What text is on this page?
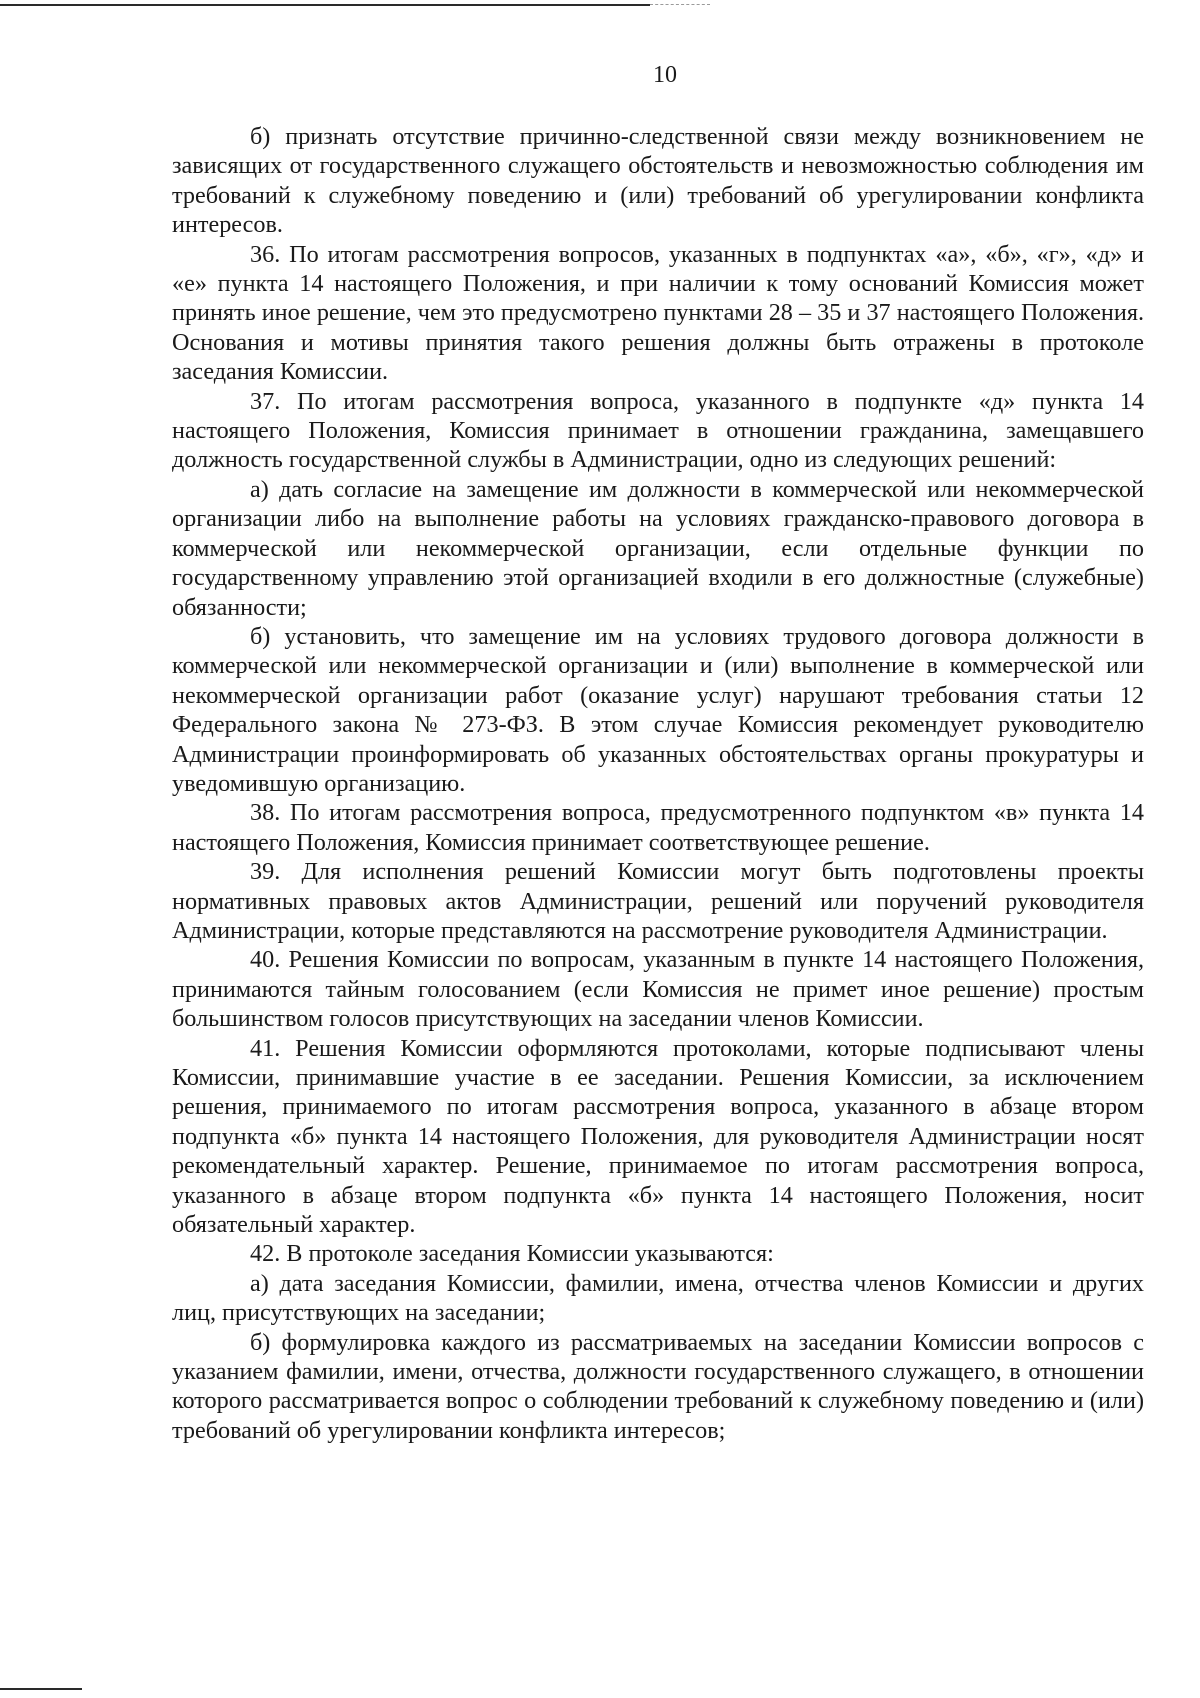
10

б) признать отсутствие причинно-следственной связи между возникновением не зависящих от государственного служащего обстоятельств и невозможностью соблюдения им требований к служебному поведению и (или) требований об урегулировании конфликта интересов.

36. По итогам рассмотрения вопросов, указанных в подпунктах «а», «б», «г», «д» и «е» пункта 14 настоящего Положения, и при наличии к тому оснований Комиссия может принять иное решение, чем это предусмотрено пунктами 28 – 35 и 37 настоящего Положения. Основания и мотивы принятия такого решения должны быть отражены в протоколе заседания Комиссии.

37. По итогам рассмотрения вопроса, указанного в подпункте «д» пункта 14 настоящего Положения, Комиссия принимает в отношении гражданина, замещавшего должность государственной службы в Администрации, одно из следующих решений:

а) дать согласие на замещение им должности в коммерческой или некоммерческой организации либо на выполнение работы на условиях гражданско-правового договора в коммерческой или некоммерческой организации, если отдельные функции по государственному управлению этой организацией входили в его должностные (служебные) обязанности;

б) установить, что замещение им на условиях трудового договора должности в коммерческой или некоммерческой организации и (или) выполнение в коммерческой или некоммерческой организации работ (оказание услуг) нарушают требования статьи 12 Федерального закона № 273-ФЗ. В этом случае Комиссия рекомендует руководителю Администрации проинформировать об указанных обстоятельствах органы прокуратуры и уведомившую организацию.

38. По итогам рассмотрения вопроса, предусмотренного подпунктом «в» пункта 14 настоящего Положения, Комиссия принимает соответствующее решение.

39. Для исполнения решений Комиссии могут быть подготовлены проекты нормативных правовых актов Администрации, решений или поручений руководителя Администрации, которые представляются на рассмотрение руководителя Администрации.

40. Решения Комиссии по вопросам, указанным в пункте 14 настоящего Положения, принимаются тайным голосованием (если Комиссия не примет иное решение) простым большинством голосов присутствующих на заседании членов Комиссии.

41. Решения Комиссии оформляются протоколами, которые подписывают члены Комиссии, принимавшие участие в ее заседании. Решения Комиссии, за исключением решения, принимаемого по итогам рассмотрения вопроса, указанного в абзаце втором подпункта «б» пункта 14 настоящего Положения, для руководителя Администрации носят рекомендательный характер. Решение, принимаемое по итогам рассмотрения вопроса, указанного в абзаце втором подпункта «б» пункта 14 настоящего Положения, носит обязательный характер.

42. В протоколе заседания Комиссии указываются:

а) дата заседания Комиссии, фамилии, имена, отчества членов Комиссии и других лиц, присутствующих на заседании;

б) формулировка каждого из рассматриваемых на заседании Комиссии вопросов с указанием фамилии, имени, отчества, должности государственного служащего, в отношении которого рассматривается вопрос о соблюдении требований к служебному поведению и (или) требований об урегулировании конфликта интересов;
